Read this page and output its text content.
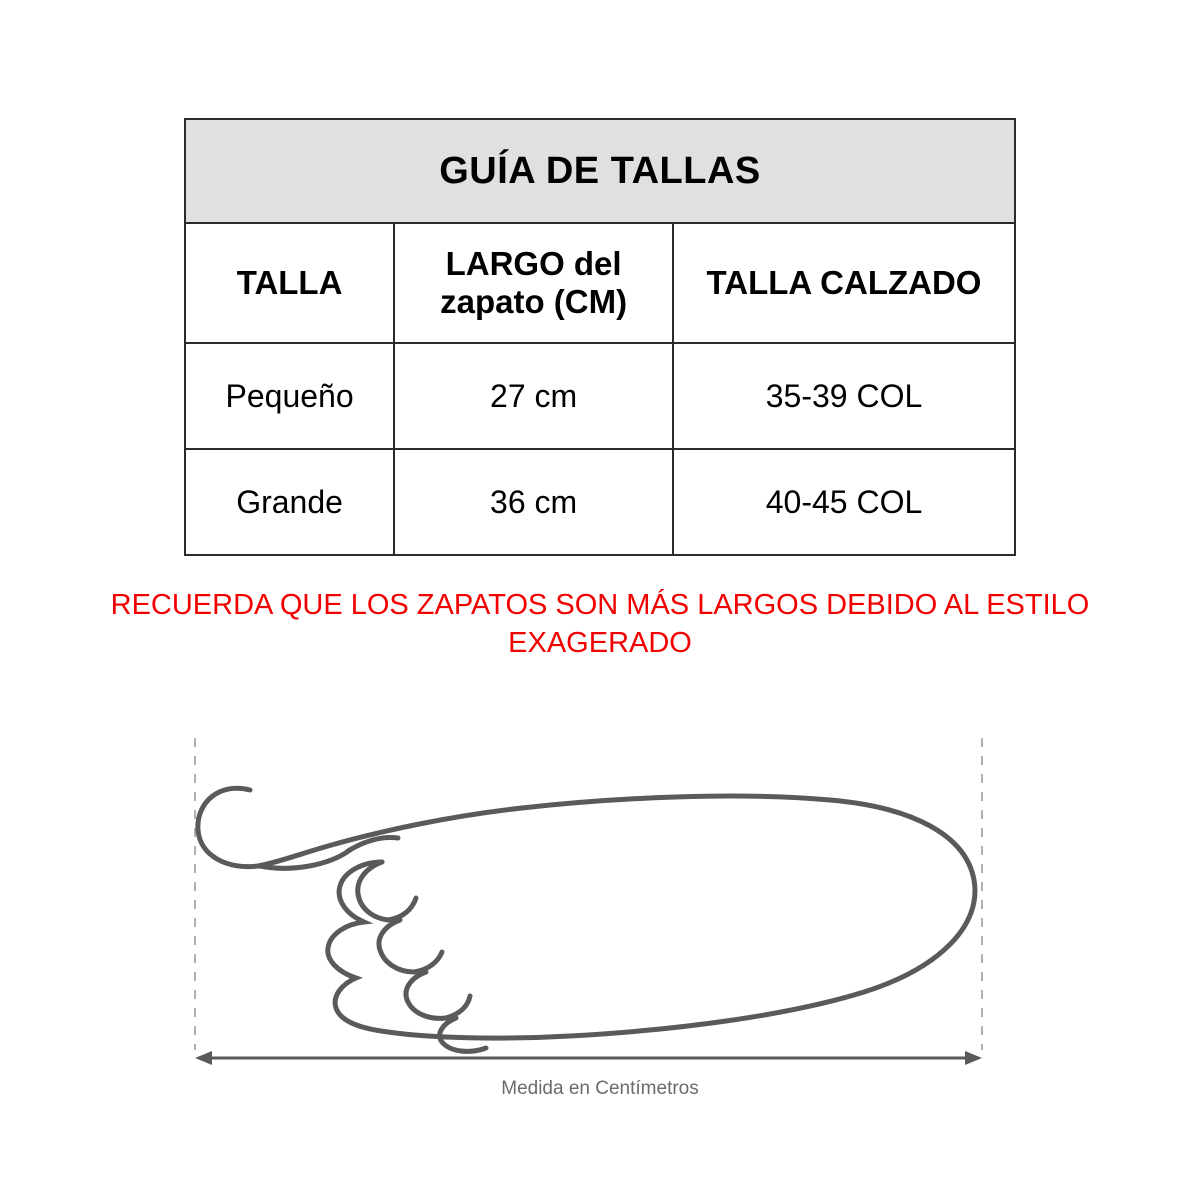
GUÍA DE TALLAS		
TALLA	LARGO del zapato (CM)	TALLA CALZADO
Pequeño	27 cm	35-39 COL
Grande	36 cm	40-45 COL
RECUERDA QUE LOS ZAPATOS SON MÁS LARGOS DEBIDO AL ESTILO EXAGERADO
Medida en Centímetros
